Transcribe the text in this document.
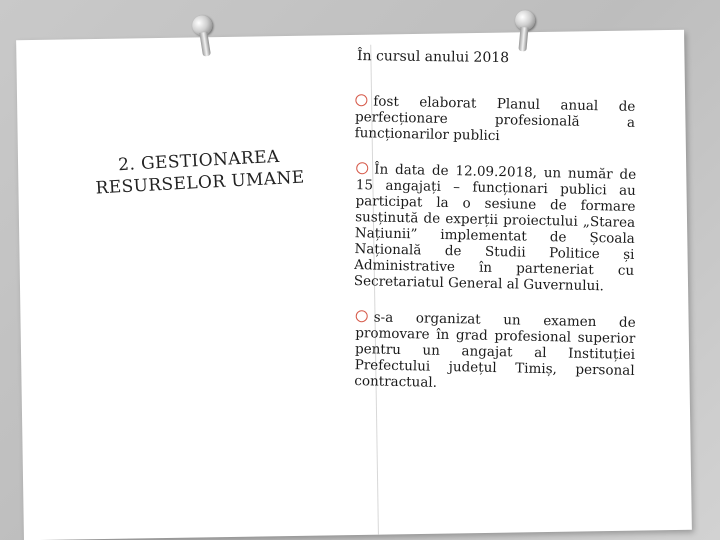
2. GESTIONAREA
RESURSELOR UMANE
În cursul anului 2018
fost elaborat Planul anual de perfecționare profesională a funcționarilor publici
În data de 12.09.2018, un număr de 15 angajați – funcționari publici au participat la o sesiune de formare susținută de experții proiectului „Starea Națiunii” implementat de Școala Națională de Studii Politice și Administrative în parteneriat cu Secretariatul General al Guvernului.
s-a organizat un examen de promovare în grad profesional superior pentru un angajat al Instituției Prefectului județul Timiș, personal contractual.
